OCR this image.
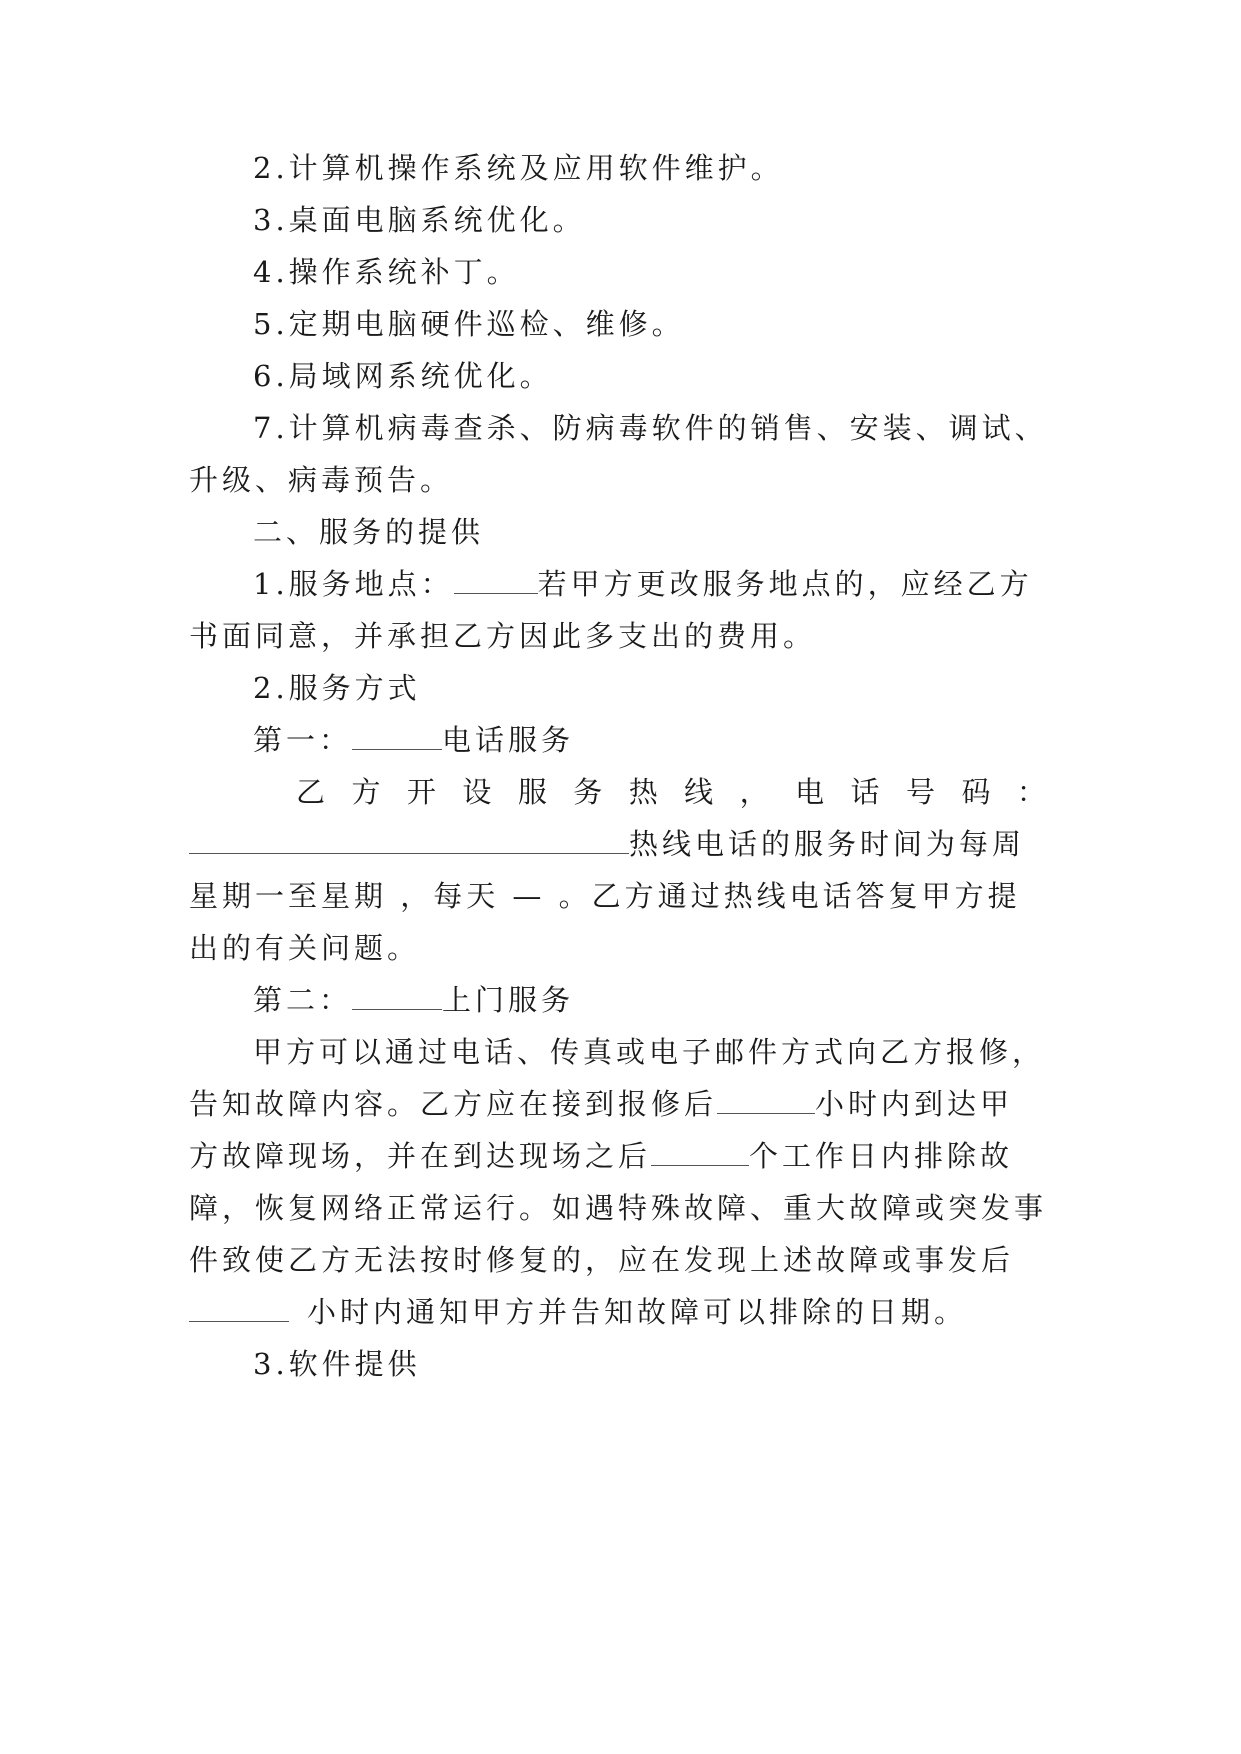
2.计算机操作系统及应用软件维护。
3.桌面电脑系统优化。
4.操作系统补丁。
5.定期电脑硬件巡检、维修。
6.局域网系统优化。
7.计算机病毒查杀、防病毒软件的销售、安装、调试、
升级、病毒预告。
二、服务的提供
1.服务地点：	若甲方更改服务地点的，应经乙方
书面同意，并承担乙方因此多支出的费用。
2.服务方式
第一：	电话服务
乙 方 开 设 服 务 热 线 ， 电 话 号 码 ：
热线电话的服务时间为每周
星期一至星期 ，每天 — 。乙方通过热线电话答复甲方提
出的有关问题。
第二：	上门服务
甲方可以通过电话、传真或电子邮件方式向乙方报修，
告知故障内容。乙方应在接到报修后	小时内到达甲
方故障现场，并在到达现场之后	个工作日内排除故
障，恢复网络正常运行。如遇特殊故障、重大故障或突发事
件致使乙方无法按时修复的，应在发现上述故障或事发后
小时内通知甲方并告知故障可以排除的日期。
3.软件提供
